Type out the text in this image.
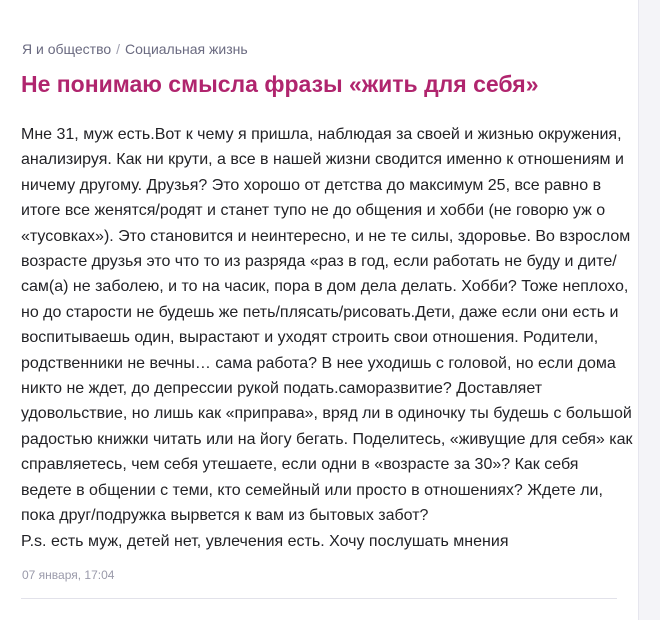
Я и общество / Социальная жизнь
Не понимаю смысла фразы «жить для себя»

Мне 31, муж есть.Вот к чему я пришла, наблюдая за своей и жизнью окружения, анализируя. Как ни крути, а все в нашей жизни сводится именно к отношениям и ничему другому. Друзья? Это хорошо от детства до максимум 25, все равно в итоге все женятся/родят и станет тупо не до общения и хобби (не говорю уж о «тусовках»). Это становится и неинтересно, и не те силы, здоровье. Во взрослом возрасте друзья это что то из разряда «раз в год, если работать не буду и дите/сам(а) не заболею, и то на часик, пора в дом дела делать. Хобби? Тоже неплохо, но до старости не будешь же петь/плясать/рисовать.Дети, даже если они есть и воспитываешь один, вырастают и уходят строить свои отношения. Родители, родственники не вечны… сама работа? В нее уходишь с головой, но если дома никто не ждет, до депрессии рукой подать.саморазвитие? Доставляет удовольствие, но лишь как «приправа», вряд ли в одиночку ты будешь с большой радостью книжки читать или на йогу бегать. Поделитесь, «живущие для себя» как справляетесь, чем себя утешаете, если одни в «возрасте за 30»? Как себя ведете в общении с теми, кто семейный или просто в отношениях? Ждете ли, пока друг/подружка вырвется к вам из бытовых забот?

P.s. есть муж, детей нет, увлечения есть. Хочу послушать мнения

07 января, 17:04
